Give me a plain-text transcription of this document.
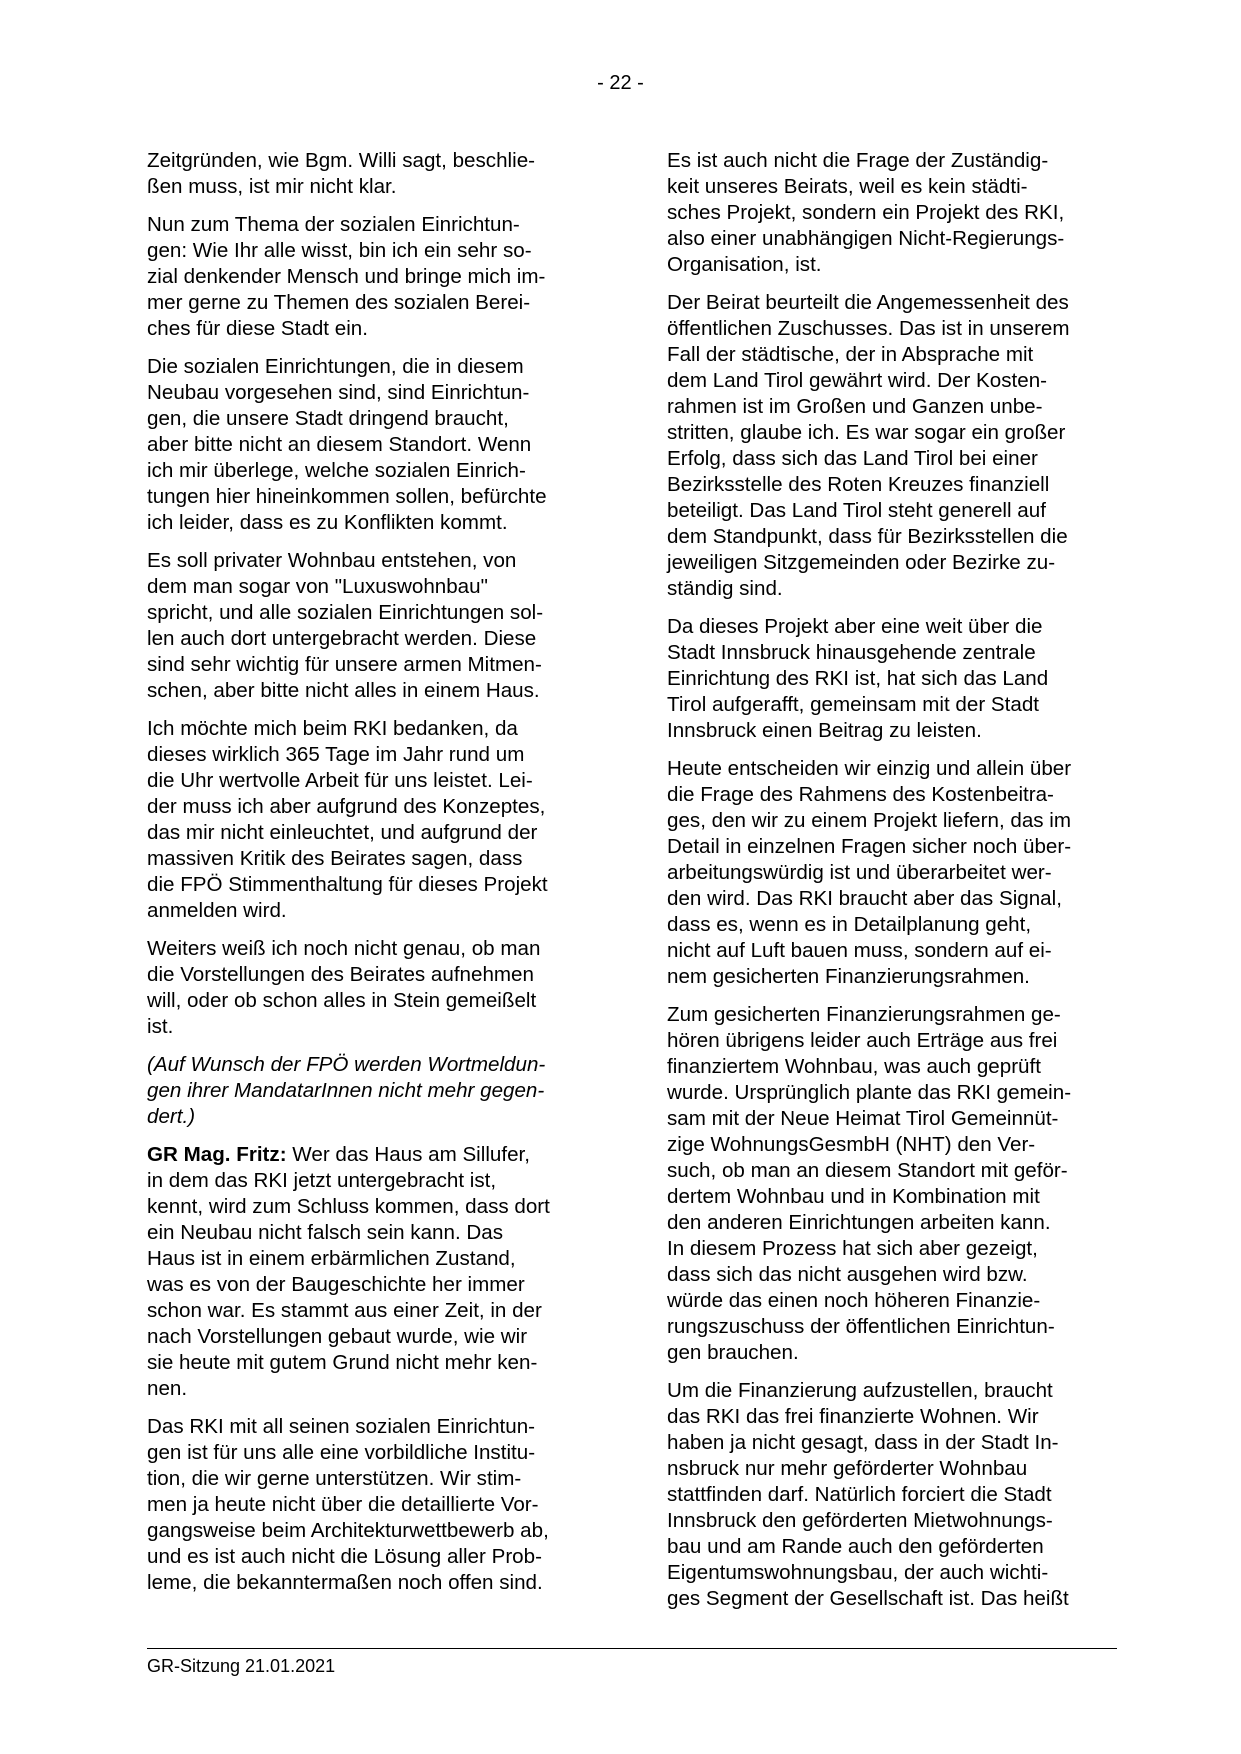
- 22 -

Zeitgründen, wie Bgm. Willi sagt, beschlie-
ßen muss, ist mir nicht klar.

Nun zum Thema der sozialen Einrichtun-
gen: Wie Ihr alle wisst, bin ich ein sehr so-
zial denkender Mensch und bringe mich im-
mer gerne zu Themen des sozialen Berei-
ches für diese Stadt ein.

Die sozialen Einrichtungen, die in diesem
Neubau vorgesehen sind, sind Einrichtun-
gen, die unsere Stadt dringend braucht,
aber bitte nicht an diesem Standort. Wenn
ich mir überlege, welche sozialen Einrich-
tungen hier hineinkommen sollen, befürchte
ich leider, dass es zu Konflikten kommt.

Es soll privater Wohnbau entstehen, von
dem man sogar von "Luxuswohnbau"
spricht, und alle sozialen Einrichtungen sol-
len auch dort untergebracht werden. Diese
sind sehr wichtig für unsere armen Mitmen-
schen, aber bitte nicht alles in einem Haus.

Ich möchte mich beim RKI bedanken, da
dieses wirklich 365 Tage im Jahr rund um
die Uhr wertvolle Arbeit für uns leistet. Lei-
der muss ich aber aufgrund des Konzeptes,
das mir nicht einleuchtet, und aufgrund der
massiven Kritik des Beirates sagen, dass
die FPÖ Stimmenthaltung für dieses Projekt
anmelden wird.

Weiters weiß ich noch nicht genau, ob man
die Vorstellungen des Beirates aufnehmen
will, oder ob schon alles in Stein gemeißelt
ist.

(Auf Wunsch der FPÖ werden Wortmeldun-
gen ihrer MandatarInnen nicht mehr gegen-
dert.)

GR Mag. Fritz: Wer das Haus am Sillufer,
in dem das RKI jetzt untergebracht ist,
kennt, wird zum Schluss kommen, dass dort
ein Neubau nicht falsch sein kann. Das
Haus ist in einem erbärmlichen Zustand,
was es von der Baugeschichte her immer
schon war. Es stammt aus einer Zeit, in der
nach Vorstellungen gebaut wurde, wie wir
sie heute mit gutem Grund nicht mehr ken-
nen.

Das RKI mit all seinen sozialen Einrichtun-
gen ist für uns alle eine vorbildliche Institu-
tion, die wir gerne unterstützen. Wir stim-
men ja heute nicht über die detaillierte Vor-
gangsweise beim Architekturwettbewerb ab,
und es ist auch nicht die Lösung aller Prob-
leme, die bekanntermaßen noch offen sind.

Es ist auch nicht die Frage der Zuständig-
keit unseres Beirats, weil es kein städti-
sches Projekt, sondern ein Projekt des RKI,
also einer unabhängigen Nicht-Regierungs-
Organisation, ist.

Der Beirat beurteilt die Angemessenheit des
öffentlichen Zuschusses. Das ist in unserem
Fall der städtische, der in Absprache mit
dem Land Tirol gewährt wird. Der Kosten-
rahmen ist im Großen und Ganzen unbe-
stritten, glaube ich. Es war sogar ein großer
Erfolg, dass sich das Land Tirol bei einer
Bezirksstelle des Roten Kreuzes finanziell
beteiligt. Das Land Tirol steht generell auf
dem Standpunkt, dass für Bezirksstellen die
jeweiligen Sitzgemeinden oder Bezirke zu-
ständig sind.

Da dieses Projekt aber eine weit über die
Stadt Innsbruck hinausgehende zentrale
Einrichtung des RKI ist, hat sich das Land
Tirol aufgerafft, gemeinsam mit der Stadt
Innsbruck einen Beitrag zu leisten.

Heute entscheiden wir einzig und allein über
die Frage des Rahmens des Kostenbeitra-
ges, den wir zu einem Projekt liefern, das im
Detail in einzelnen Fragen sicher noch über-
arbeitungswürdig ist und überarbeitet wer-
den wird. Das RKI braucht aber das Signal,
dass es, wenn es in Detailplanung geht,
nicht auf Luft bauen muss, sondern auf ei-
nem gesicherten Finanzierungsrahmen.

Zum gesicherten Finanzierungsrahmen ge-
hören übrigens leider auch Erträge aus frei
finanziertem Wohnbau, was auch geprüft
wurde. Ursprünglich plante das RKI gemein-
sam mit der Neue Heimat Tirol Gemeinnüt-
zige WohnungsGesmbH (NHT) den Ver-
such, ob man an diesem Standort mit geför-
dertem Wohnbau und in Kombination mit
den anderen Einrichtungen arbeiten kann.
In diesem Prozess hat sich aber gezeigt,
dass sich das nicht ausgehen wird bzw.
würde das einen noch höheren Finanzie-
rungszuschuss der öffentlichen Einrichtun-
gen brauchen.

Um die Finanzierung aufzustellen, braucht
das RKI das frei finanzierte Wohnen. Wir
haben ja nicht gesagt, dass in der Stadt In-
nsbruck nur mehr geförderter Wohnbau
stattfinden darf. Natürlich forciert die Stadt
Innsbruck den geförderten Mietwohnungs-
bau und am Rande auch den geförderten
Eigentumswohnungsbau, der auch wichti-
ges Segment der Gesellschaft ist. Das heißt

GR-Sitzung 21.01.2021
